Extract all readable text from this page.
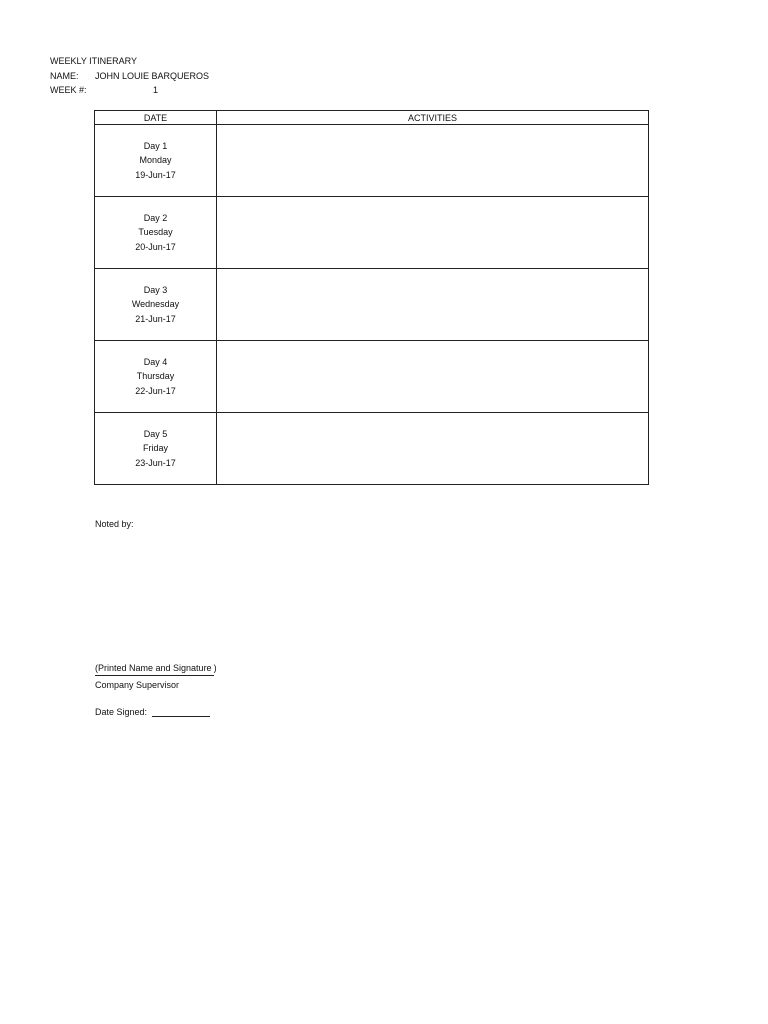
WEEKLY ITINERARY
NAME:	JOHN LOUIE BARQUEROS
WEEK #:	1
DATE	ACTIVITIES

Day 1
Monday
19-Jun-17	

Day 2
Tuesday
20-Jun-17	

Day 3
Wednesday
21-Jun-17	

Day 4
Thursday
22-Jun-17	

Day 5
Friday
23-Jun-17	

Noted by:
(Printed Name and Signature )
Company Supervisor
Date Signed:
